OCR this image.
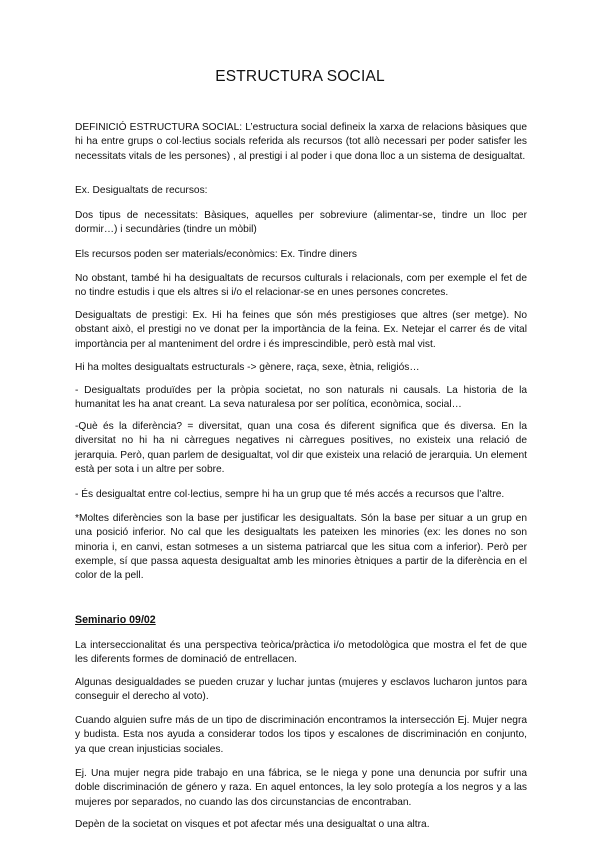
ESTRUCTURA SOCIAL

DEFINICIÓ ESTRUCTURA SOCIAL: L’estructura social defineix la xarxa de relacions bàsiques que hi ha entre grups o col·lectius socials referida als recursos (tot allò necessari per poder satisfer les necessitats vitals de les persones) , al prestigi i al poder i que dona lloc a un sistema de desigualtat.

Ex. Desigualtats de recursos:

Dos tipus de necessitats: Bàsiques, aquelles per sobreviure (alimentar-se, tindre un lloc per dormir…) i secundàries (tindre un mòbil)

Els recursos poden ser materials/econòmics: Ex. Tindre diners

No obstant, també hi ha desigualtats de recursos culturals i relacionals, com per exemple el fet de no tindre estudis i que els altres si i/o el relacionar-se en unes persones concretes.

Desigualtats de prestigi: Ex. Hi ha feines que són més prestigioses que altres (ser metge). No obstant això, el prestigi no ve donat per la importància de la feina. Ex. Netejar el carrer és de vital importància per al manteniment del ordre i és imprescindible, però està mal vist.

Hi ha moltes desigualtats estructurals -> gènere, raça, sexe, ètnia, religiós…

- Desigualtats produïdes per la pròpia societat, no son naturals ni causals. La historia de la humanitat les ha anat creant. La seva naturalesa por ser política, econòmica, social…

-Què és la diferència? = diversitat, quan una cosa és diferent significa que és diversa. En la diversitat no hi ha ni càrregues negatives ni càrregues positives, no existeix una relació de jerarquia. Però, quan parlem de desigualtat, vol dir que existeix una relació de jerarquia. Un element està per sota i un altre per sobre.

- És desigualtat entre col·lectius, sempre hi ha un grup que té més accés a recursos que l’altre.

*Moltes diferències son la base per justificar les desigualtats. Són la base per situar a un grup en una posició inferior. No cal que les desigualtats les pateixen les minories (ex: les dones no son minoria i, en canvi, estan sotmeses a un sistema patriarcal que les situa com a inferior). Però per exemple, sí que passa aquesta desigualtat amb les minories ètniques a partir de la diferència en el color de la pell.

Seminario 09/02

La interseccionalitat és una perspectiva teòrica/pràctica i/o metodològica que mostra el fet de que les diferents formes de dominació de entrellacen.

Algunas desigualdades se pueden cruzar y luchar juntas (mujeres y esclavos lucharon juntos para conseguir el derecho al voto).

Cuando alguien sufre más de un tipo de discriminación encontramos la intersección Ej. Mujer negra y budista. Esta nos ayuda a considerar todos los tipos y escalones de discriminación en conjunto, ya que crean injusticias sociales.

Ej. Una mujer negra pide trabajo en una fábrica, se le niega y pone una denuncia por sufrir una doble discriminación de género y raza. En aquel entonces, la ley solo protegía a los negros y a las mujeres por separados, no cuando las dos circunstancias de encontraban.

Depèn de la societat on visques et pot afectar més una desigualtat o una altra.
